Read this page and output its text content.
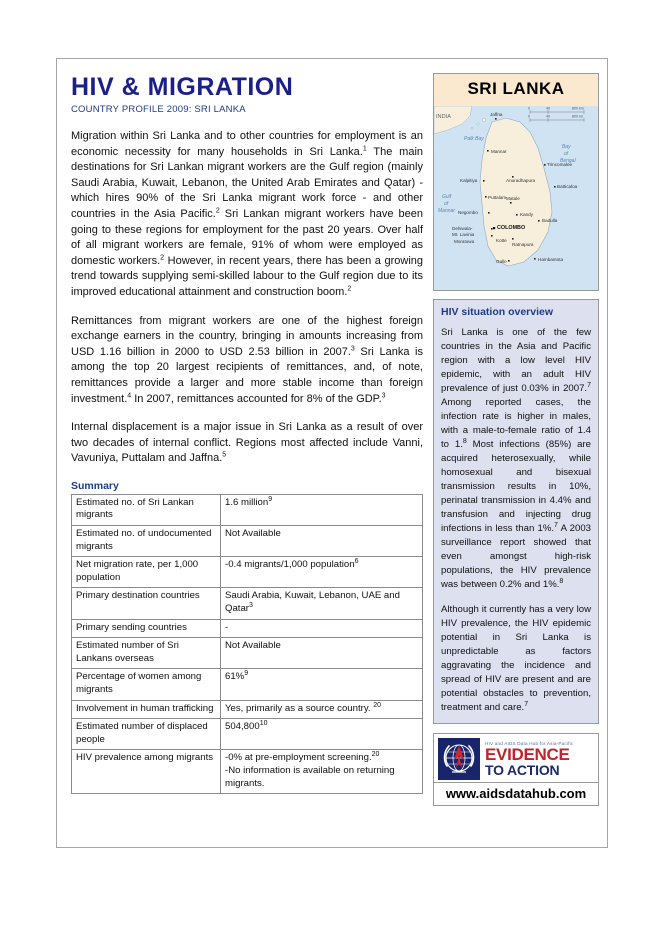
HIV & MIGRATION
COUNTRY PROFILE 2009: SRI LANKA

Migration within Sri Lanka and to other countries for employment is an economic necessity for many households in Sri Lanka.$^1$ The main destinations for Sri Lankan migrant workers are the Gulf region (mainly Saudi Arabia, Kuwait, Lebanon, the United Arab Emirates and Qatar) - which hires 90% of the Sri Lanka migrant work force - and other countries in the Asia Pacific.$^2$ Sri Lankan migrant workers have been going to these regions for employment for the past 20 years. Over half of all migrant workers are female, 91% of whom were employed as domestic workers.$^2$ However, in recent years, there has been a growing trend towards supplying semi-skilled labour to the Gulf region due to its improved educational attainment and construction boom.$^2$

Remittances from migrant workers are one of the highest foreign exchange earners in the country, bringing in amounts increasing from USD 1.16 billion in 2000 to USD 2.53 billion in 2007.$^3$ Sri Lanka is among the top 20 largest recipients of remittances, and, of note, remittances provide a larger and more stable income than foreign investment.$^4$ In 2007, remittances accounted for 8% of the GDP.$^3$

Internal displacement is a major issue in Sri Lanka as a result of over two decades of internal conflict. Regions most affected include Vanni, Vavuniya, Puttalam and Jaffna.$^5$

Summary
Estimated no. of Sri Lankan migrants	1.6 million$^9$
Estimated no. of undocumented migrants	Not Available
Net migration rate, per 1,000 population	-0.4 migrants/1,000 population$^6$
Primary destination countries	Saudi Arabia, Kuwait, Lebanon, UAE and Qatar$^3$
Primary sending countries	-
Estimated number of Sri Lankans overseas	Not Available
Percentage of women among migrants	61%$^9$
Involvement in human trafficking	Yes, primarily as a source country. $^{20}$
Estimated number of displaced people	504,800$^{10}$
HIV prevalence among migrants	-0% at pre-employment screening.$^{20}$
-No information is available on returning migrants.
SRI LANKA
0	40	800 km
0	40	800 mi
INDIA
Palk Bay
Bay
of
Bengal
Gulf
of
Mannar
Jaffna
Mannar
Anuradhapura
Trincomalee
Kalpitiya
Puttalam
Batticaloa
Matale
Kandy
Negombo
Badulla
Dehiwala-
Mt. Lavinia
Moratuwa	Kotte
Ratnapura
Galle	Hambantota
COLOMBO
HIV situation overview

Sri Lanka is one of the few countries in the Asia and Pacific region with a low level HIV epidemic, with an adult HIV prevalence of just 0.03% in 2007.$^7$ Among reported cases, the infection rate is higher in males, with a male-to-female ratio of 1.4 to 1.$^8$ Most infections (85%) are acquired heterosexually, while homosexual and bisexual transmission results in 10%, perinatal transmission in 4.4% and transfusion and injecting drug infections in less than 1%.$^7$ A 2003 surveillance report showed that even amongst high-risk populations, the HIV prevalence was between 0.2% and 1%.$^8$

Although it currently has a very low HIV prevalence, the HIV epidemic potential in Sri Lanka is unpredictable as factors aggravating the incidence and spread of HIV are present and are potential obstacles to prevention, treatment and care.$^7$

HIV and AIDS Data Hub for Asia-Pacific
EVIDENCE
TO ACTION
www.aidsdatahub.com
